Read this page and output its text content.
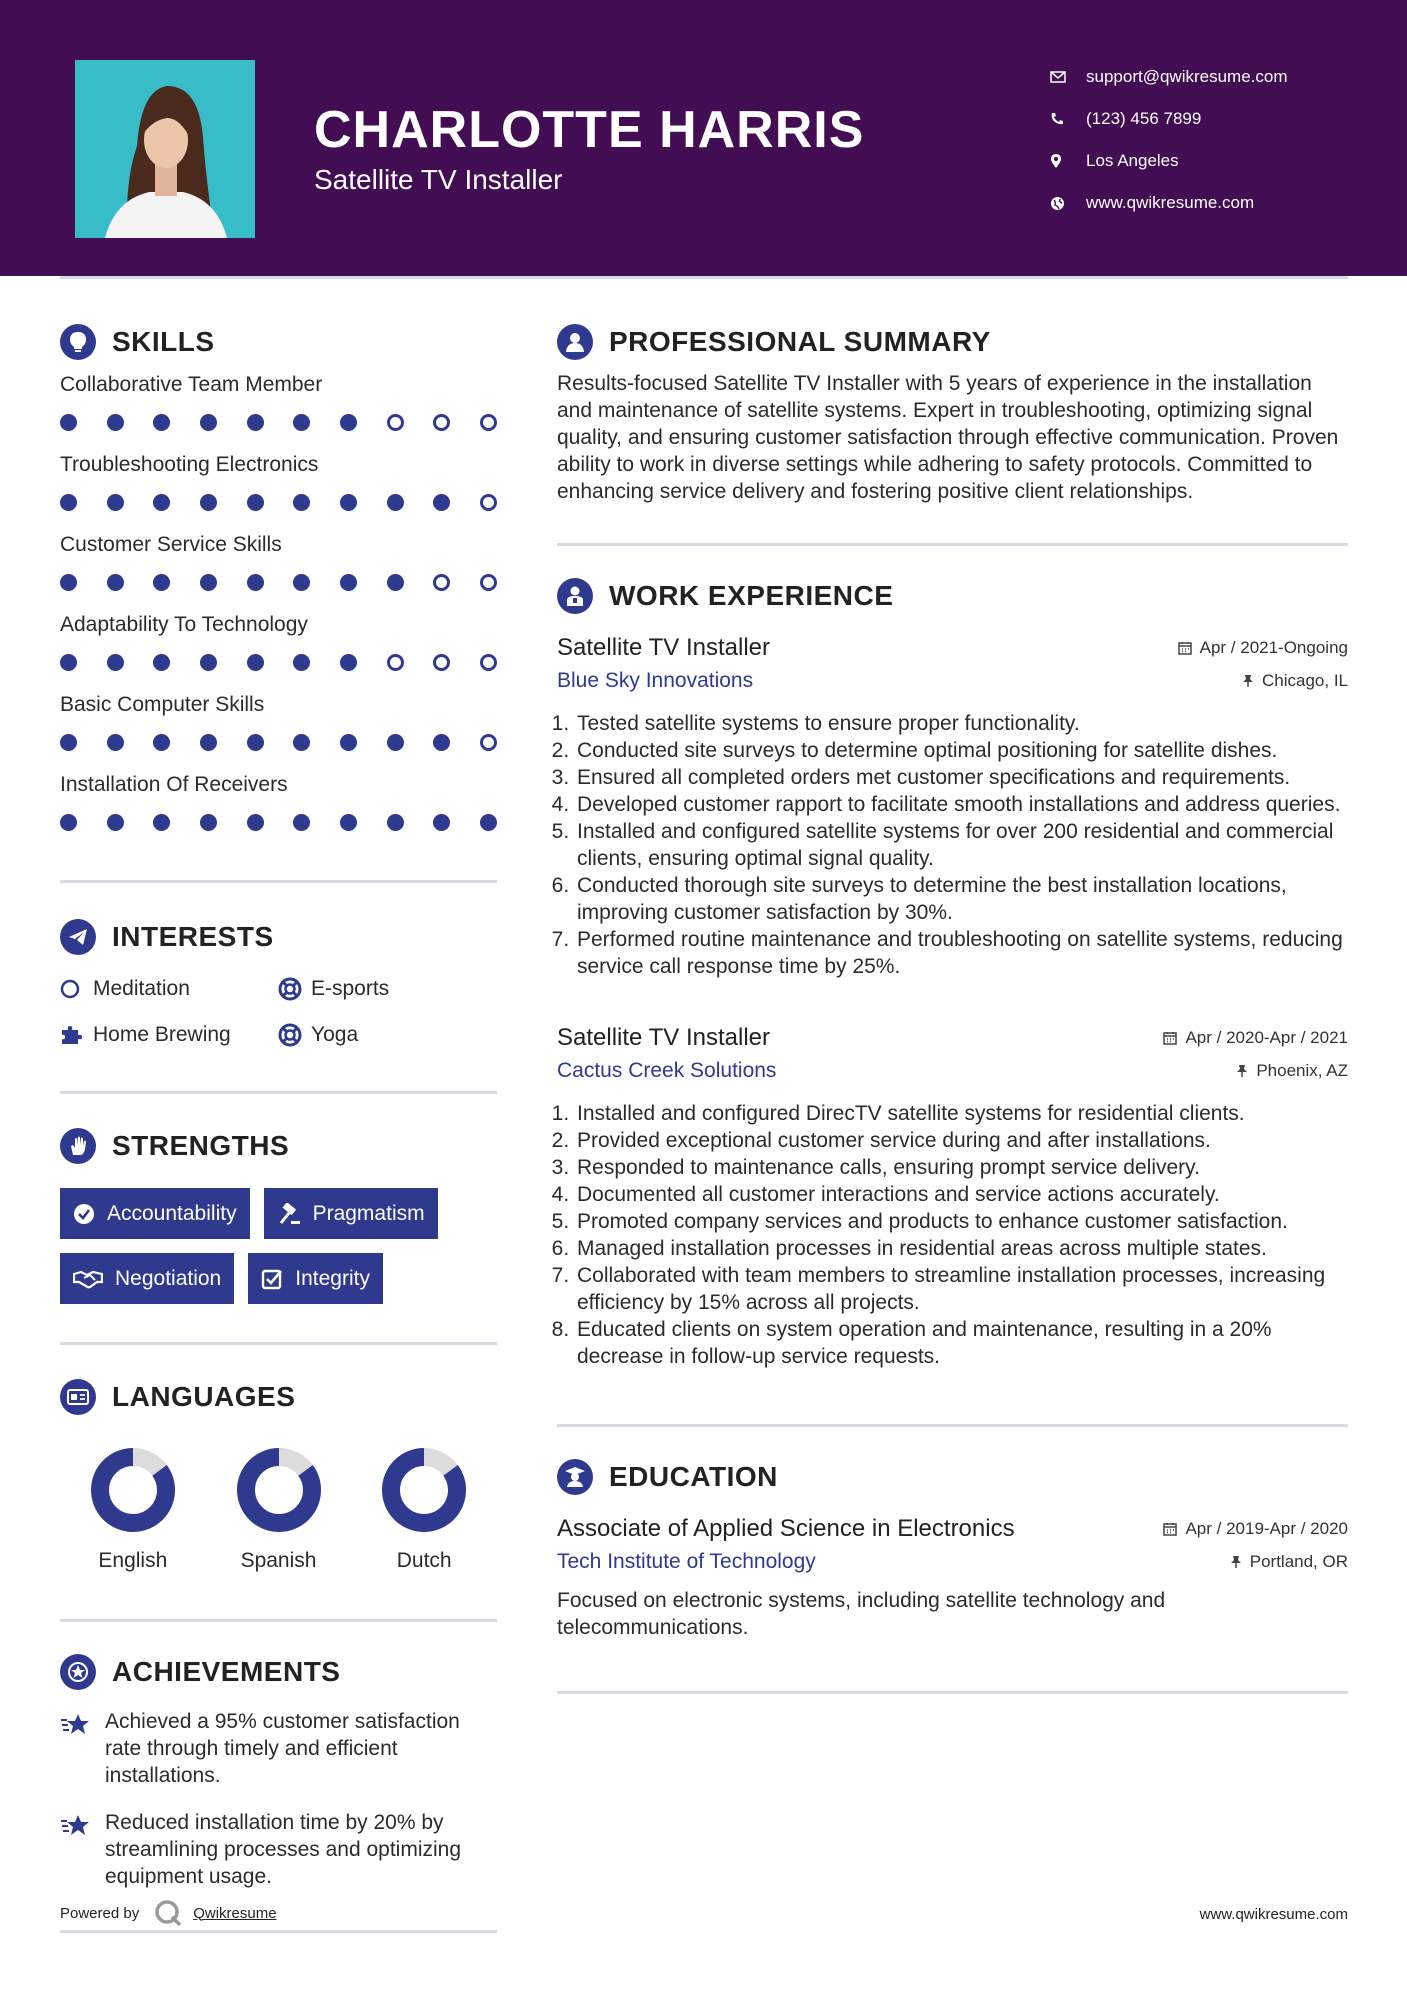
CHARLOTTE HARRIS
Satellite TV Installer
support@qwikresume.com
(123) 456 7899
Los Angeles
www.qwikresume.com
SKILLS
Collaborative Team Member
Troubleshooting Electronics
Customer Service Skills
Adaptability To Technology
Basic Computer Skills
Installation Of Receivers
INTERESTS
Meditation	E-sports
Home Brewing	Yoga
STRENGTHS
Accountability	Pragmatism
Negotiation	Integrity
LANGUAGES
English	Spanish	Dutch
ACHIEVEMENTS
Achieved a 95% customer satisfaction rate through timely and efficient installations.
Reduced installation time by 20% by streamlining processes and optimizing equipment usage.
PROFESSIONAL SUMMARY

Results-focused Satellite TV Installer with 5 years of experience in the installation and maintenance of satellite systems. Expert in troubleshooting, optimizing signal quality, and ensuring customer satisfaction through effective communication. Proven ability to work in diverse settings while adhering to safety protocols. Committed to enhancing service delivery and fostering positive client relationships.

WORK EXPERIENCE
Satellite TV Installer	Apr / 2021-Ongoing
Blue Sky Innovations	Chicago, IL
1. Tested satellite systems to ensure proper functionality.
2. Conducted site surveys to determine optimal positioning for satellite dishes.
3. Ensured all completed orders met customer specifications and requirements.
4. Developed customer rapport to facilitate smooth installations and address queries.
5. Installed and configured satellite systems for over 200 residential and commercial clients, ensuring optimal signal quality.
6. Conducted thorough site surveys to determine the best installation locations, improving customer satisfaction by 30%.
7. Performed routine maintenance and troubleshooting on satellite systems, reducing service call response time by 25%.
Satellite TV Installer	Apr / 2020-Apr / 2021
Cactus Creek Solutions	Phoenix, AZ
1. Installed and configured DirecTV satellite systems for residential clients.
2. Provided exceptional customer service during and after installations.
3. Responded to maintenance calls, ensuring prompt service delivery.
4. Documented all customer interactions and service actions accurately.
5. Promoted company services and products to enhance customer satisfaction.
6. Managed installation processes in residential areas across multiple states.
7. Collaborated with team members to streamline installation processes, increasing efficiency by 15% across all projects.
8. Educated clients on system operation and maintenance, resulting in a 20% decrease in follow-up service requests.
EDUCATION
Associate of Applied Science in Electronics	Apr / 2019-Apr / 2020
Tech Institute of Technology	Portland, OR

Focused on electronic systems, including satellite technology and telecommunications.

Powered by	Qwikresume	www.qwikresume.com
